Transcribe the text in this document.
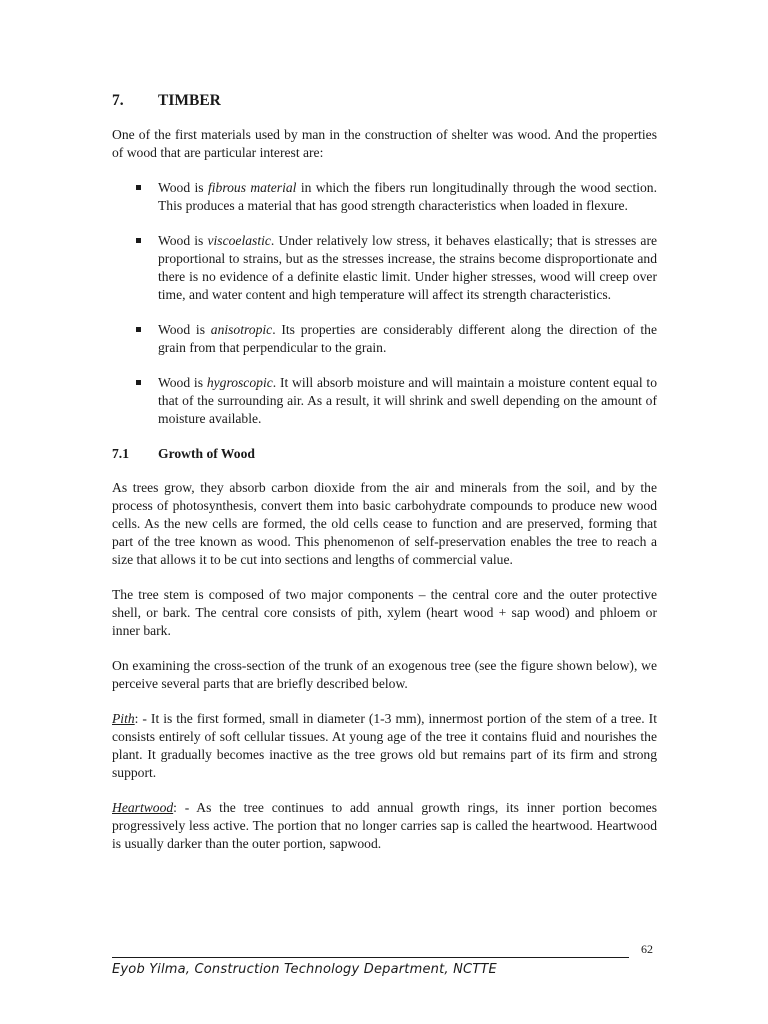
7.	TIMBER

One of the first materials used by man in the construction of shelter was wood. And the properties of wood that are particular interest are:

Wood is fibrous material in which the fibers run longitudinally through the wood section. This produces a material that has good strength characteristics when loaded in flexure.
Wood is viscoelastic. Under relatively low stress, it behaves elastically; that is stresses are proportional to strains, but as the stresses increase, the strains become disproportionate and there is no evidence of a definite elastic limit. Under higher stresses, wood will creep over time, and water content and high temperature will affect its strength characteristics.
Wood is anisotropic. Its properties are considerably different along the direction of the grain from that perpendicular to the grain.
Wood is hygroscopic. It will absorb moisture and will maintain a moisture content equal to that of the surrounding air. As a result, it will shrink and swell depending on the amount of moisture available.
7.1	Growth of Wood

As trees grow, they absorb carbon dioxide from the air and minerals from the soil, and by the process of photosynthesis, convert them into basic carbohydrate compounds to produce new wood cells. As the new cells are formed, the old cells cease to function and are preserved, forming that part of the tree known as wood. This phenomenon of self-preservation enables the tree to reach a size that allows it to be cut into sections and lengths of commercial value.

The tree stem is composed of two major components – the central core and the outer protective shell, or bark. The central core consists of pith, xylem (heart wood + sap wood) and phloem or inner bark.

On examining the cross-section of the trunk of an exogenous tree (see the figure shown below), we perceive several parts that are briefly described below.

Pith: - It is the first formed, small in diameter (1-3 mm), innermost portion of the stem of a tree. It consists entirely of soft cellular tissues. At young age of the tree it contains fluid and nourishes the plant. It gradually becomes inactive as the tree grows old but remains part of its firm and strong support.

Heartwood: - As the tree continues to add annual growth rings, its inner portion becomes progressively less active. The portion that no longer carries sap is called the heartwood. Heartwood is usually darker than the outer portion, sapwood.

62
Eyob Yilma, Construction Technology Department, NCTTE
